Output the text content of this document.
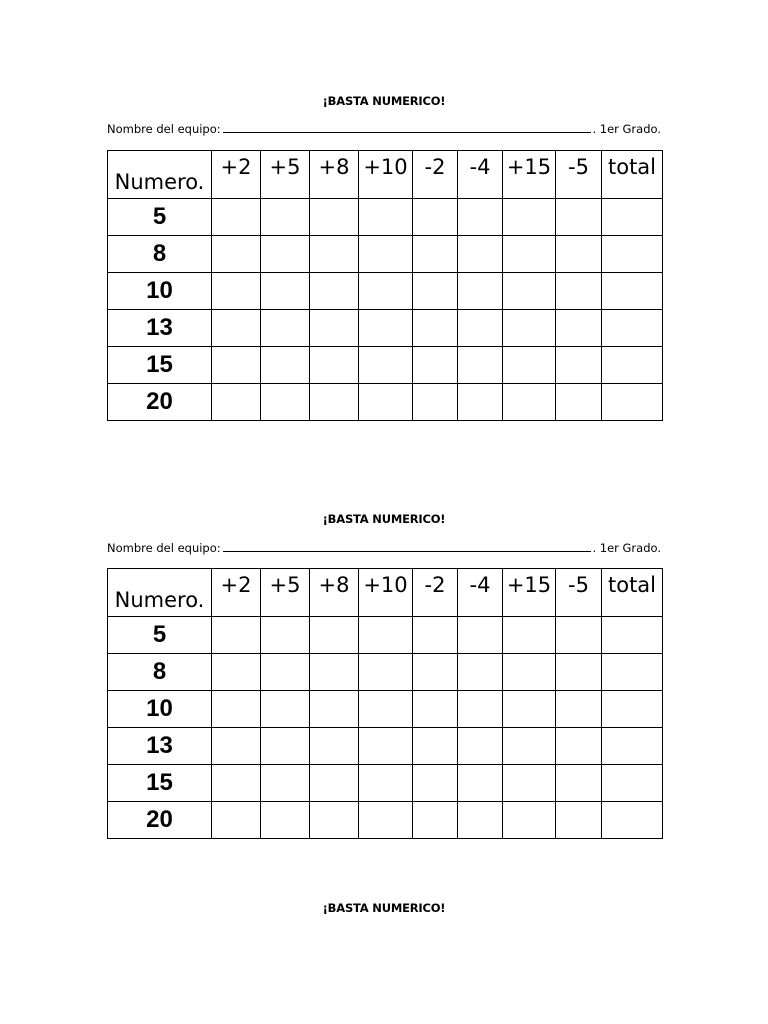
¡BASTA NUMERICO!
Nombre del equipo:	. 1er Grado.
Numero.	+2	+5	+8	+10	-2	-4	+15	-5	total
5									
8									
10									
13									
15									
20									
¡BASTA NUMERICO!
Nombre del equipo:	. 1er Grado.
Numero.	+2	+5	+8	+10	-2	-4	+15	-5	total
5									
8									
10									
13									
15									
20									
¡BASTA NUMERICO!
